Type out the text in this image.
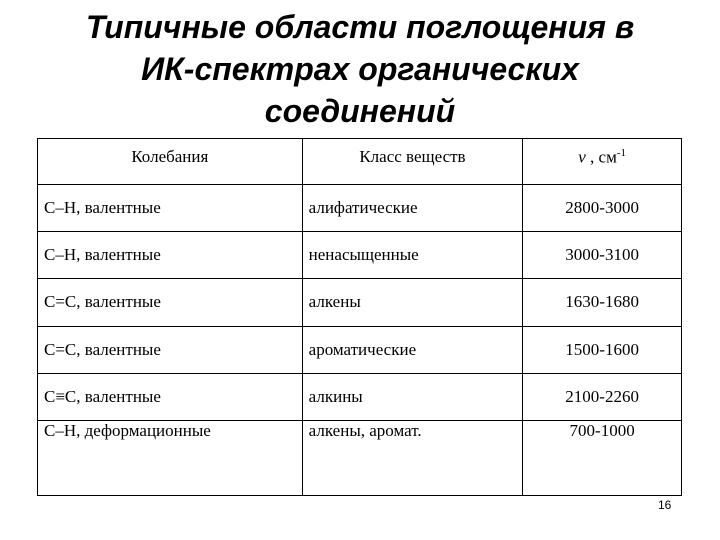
Типичные области поглощения в
ИК-спектрах органических
соединений
Колебания	Класс веществ	ν , $см^{-1}$
С–Н, валентные	алифатические	2800-3000
С–Н, валентные	ненасыщенные	3000-3100
С=С, валентные	алкены	1630-1680
С=С, валентные	ароматические	1500-1600
С≡С, валентные	алкины	2100-2260
С–Н, деформационные	алкены, аромат.	700-1000
16
